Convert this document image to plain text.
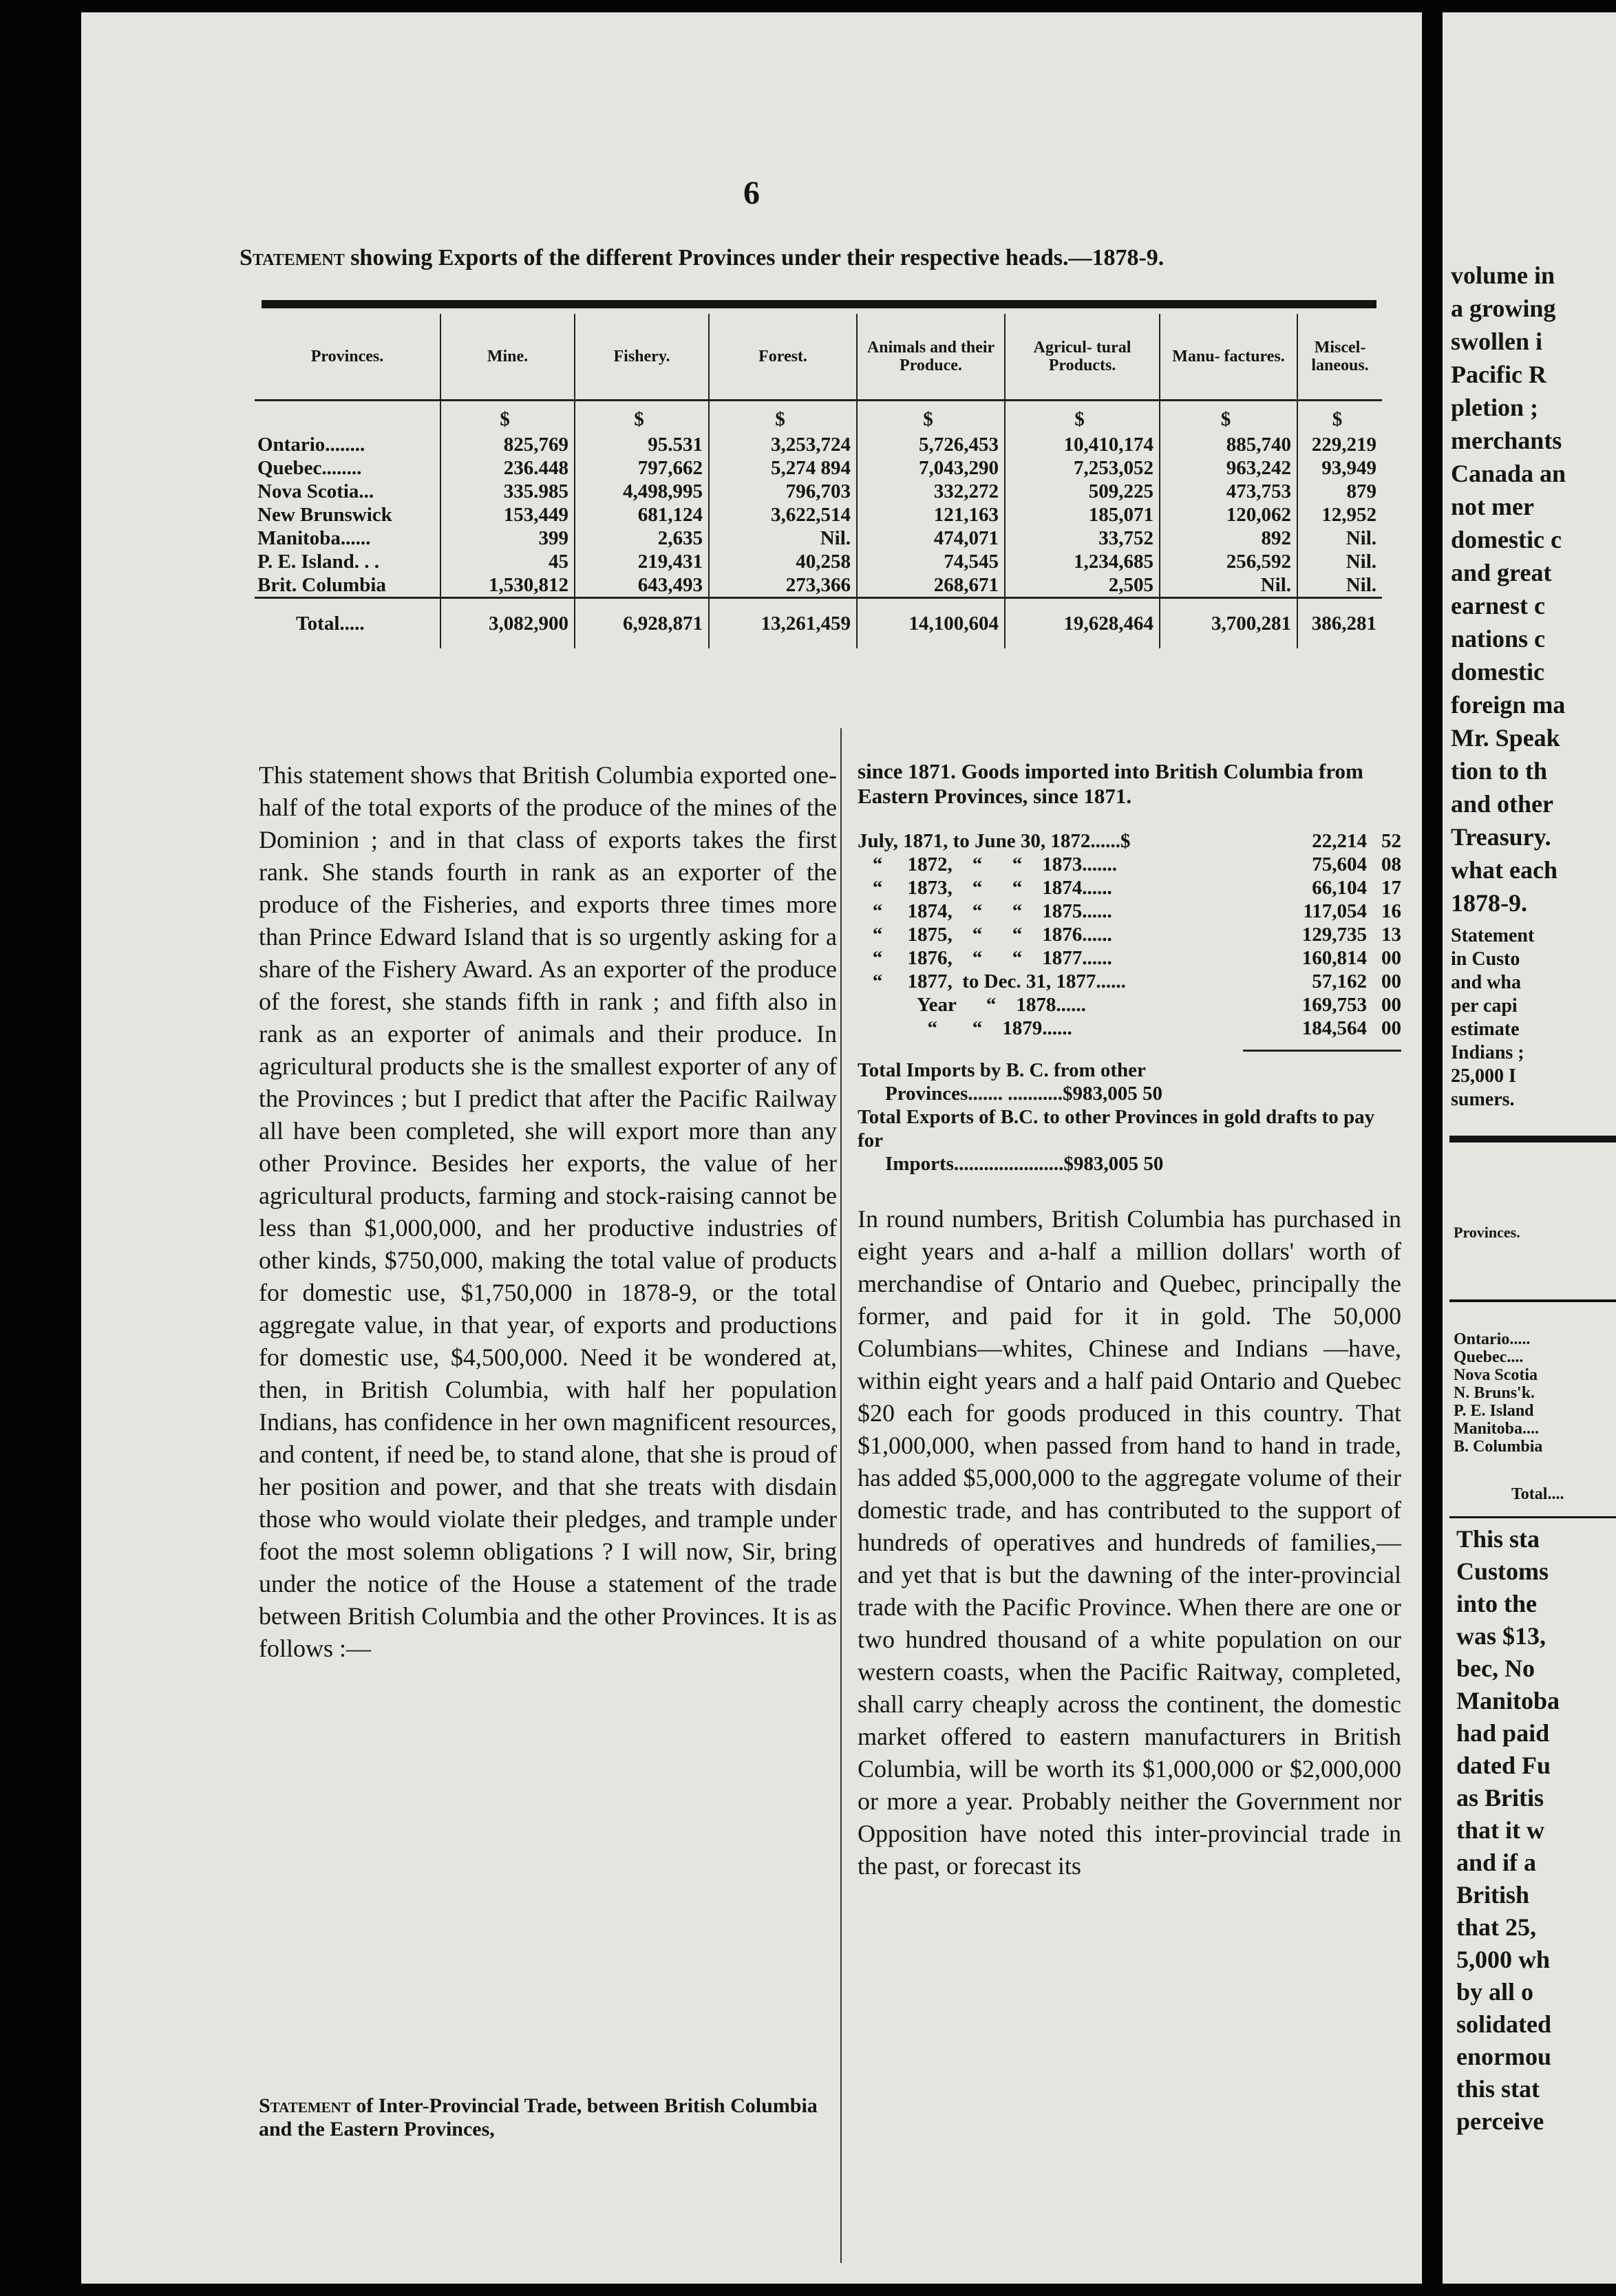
6
Statement showing Exports of the different Provinces under their respective heads.—1878-9.
Provinces.	Mine.	Fishery.	Forest.	Animals and their Produce.	Agricul- tural Products.	Manu- factures.	Miscel- laneous.
	$	$	$	$	$	$	$
Ontario........	825,769	95.531	3,253,724	5,726,453	10,410,174	885,740	229,219
Quebec........	236.448	797,662	5,274 894	7,043,290	7,253,052	963,242	93,949
Nova Scotia...	335.985	4,498,995	796,703	332,272	509,225	473,753	879
New Brunswick	153,449	681,124	3,622,514	121,163	185,071	120,062	12,952
Manitoba......	399	2,635	Nil.	474,071	33,752	892	Nil.
P. E. Island. . .	45	219,431	40,258	74,545	1,234,685	256,592	Nil.
Brit. Columbia	1,530,812	643,493	273,366	268,671	2,505	Nil.	Nil.
Total.....	3,082,900	6,928,871	13,261,459	14,100,604	19,628,464	3,700,281	386,281

This statement shows that British Columbia exported one-half of the total exports of the produce of the mines of the Dominion ; and in that class of exports takes the first rank. She stands fourth in rank as an exporter of the produce of the Fisheries, and exports three times more than Prince Edward Island that is so urgently asking for a share of the Fishery Award. As an exporter of the produce of the forest, she stands fifth in rank ; and fifth also in rank as an exporter of animals and their produce. In agricultural products she is the smallest exporter of any of the Provinces ; but I predict that after the Pacific Railway all have been completed, she will export more than any other Province. Besides her exports, the value of her agricultural products, farming and stock-raising cannot be less than $1,000,000, and her productive industries of other kinds, $750,000, making the total value of products for domestic use, $1,750,000 in 1878-9, or the total aggregate value, in that year, of exports and productions for domestic use, $4,500,000. Need it be wondered at, then, in British Columbia, with half her population Indians, has confidence in her own magnificent resources, and content, if need be, to stand alone, that she is proud of her position and power, and that she treats with disdain those who would violate their pledges, and trample under foot the most solemn obligations ? I will now, Sir, bring under the notice of the House a statement of the trade between British Columbia and the other Provinces. It is as follows :—

Statement of Inter-Provincial Trade, between British Columbia and the Eastern Provinces,
since 1871. Goods imported into British Columbia from Eastern Provinces, since 1871.
July, 1871, to June 30, 1872......$	22,214	52
“     1872,    “      “    1873.......	75,604	08
“     1873,    “      “    1874......	66,104	17
“     1874,    “      “    1875......	117,054	16
“     1875,    “      “    1876......	129,735	13
“     1876,    “      “    1877......	160,814	00
“     1877,  to Dec. 31, 1877......	57,162	00
Year      “    1878......	169,753	00
“       “    1879......	184,564	00
Total Imports by B. C. from other
Provinces....... ...........$983,005 50
Total Exports of B.C. to other Provinces in gold drafts to pay for
Imports......................$983,005 50
In round numbers, British Columbia has purchased in eight years and a-half a million dollars' worth of merchandise of Ontario and Quebec, principally the former, and paid for it in gold. The 50,000 Columbians—whites, Chinese and Indians —have, within eight years and a half paid Ontario and Quebec $20 each for goods produced in this country. That $1,000,000, when passed from hand to hand in trade, has added $5,000,000 to the aggregate volume of their domestic trade, and has contributed to the support of hundreds of operatives and hundreds of families,—and yet that is but the dawning of the inter-provincial trade with the Pacific Province. When there are one or two hundred thousand of a white population on our western coasts, when the Pacific Raitway, completed, shall carry cheaply across the continent, the domestic market offered to eastern manufacturers in British Columbia, will be worth its $1,000,000 or $2,000,000 or more a year. Probably neither the Government nor Opposition have noted this inter-provincial trade in the past, or forecast its
volume in
a growing
swollen i
Pacific R
pletion ;
merchants
Canada an
not mer
domestic c
and great
earnest c
nations c
domestic
foreign ma
Mr. Speak
tion to th
and other
Treasury.
what each
1878-9.
Statement
in Custo
and wha
per capi
estimate
Indians ;
25,000 I
sumers.
Provinces.
Ontario.....
Quebec....
Nova Scotia
N. Bruns'k.
P. E. Island
Manitoba....
B. Columbia
Total....
This sta
Customs
into the
was $13,
bec, No
Manitoba
had paid
dated Fu
as Britis
that it w
and if a
British
that 25,
5,000 wh
by all o
solidated
enormou
this stat
perceive
